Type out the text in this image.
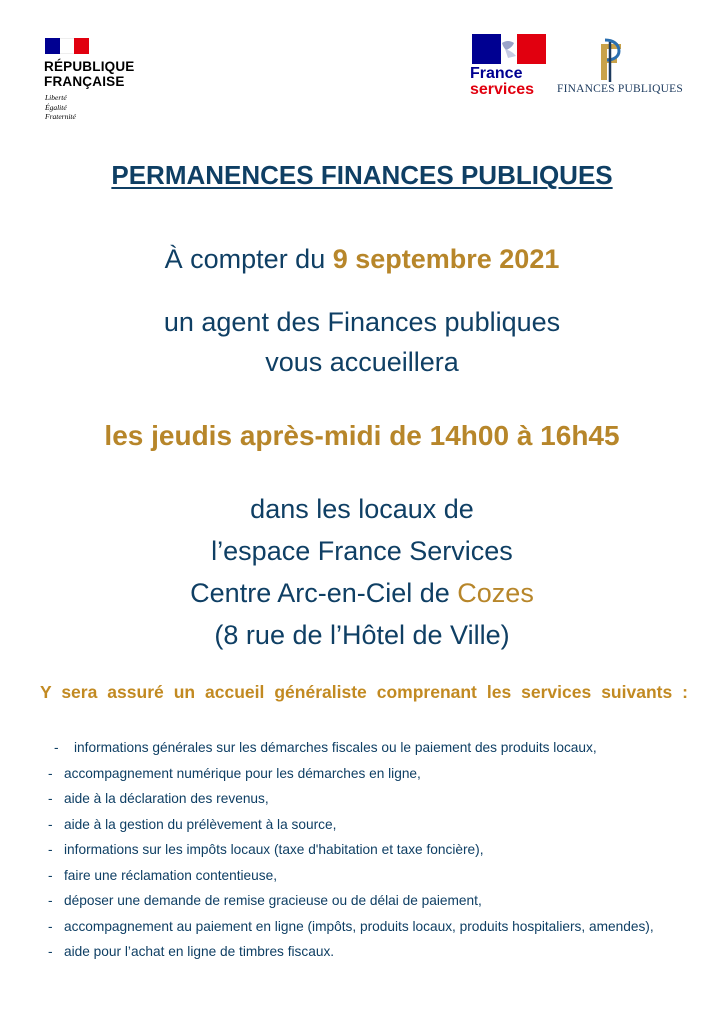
RÉPUBLIQUE
FRANÇAISE
Liberté
Égalité
Fraternité
France
services FINANCES PUBLIQUES
PERMANENCES FINANCES PUBLIQUES
À compter du 9 septembre 2021
un agent des Finances publiques
vous accueillera
les jeudis après-midi de 14h00 à 16h45
dans les locaux de
l’espace France Services
Centre Arc-en-Ciel de Cozes
(8 rue de l’Hôtel de Ville)
Y sera assuré un accueil généraliste comprenant les services suivants :
- informations générales sur les démarches fiscales ou le paiement des produits locaux,
- accompagnement numérique pour les démarches en ligne,
- aide à la déclaration des revenus,
- aide à la gestion du prélèvement à la source,
- informations sur les impôts locaux (taxe d'habitation et taxe foncière),
- faire une réclamation contentieuse,
- déposer une demande de remise gracieuse ou de délai de paiement,
- accompagnement au paiement en ligne (impôts, produits locaux, produits hospitaliers, amendes),
- aide pour l’achat en ligne de timbres fiscaux.
